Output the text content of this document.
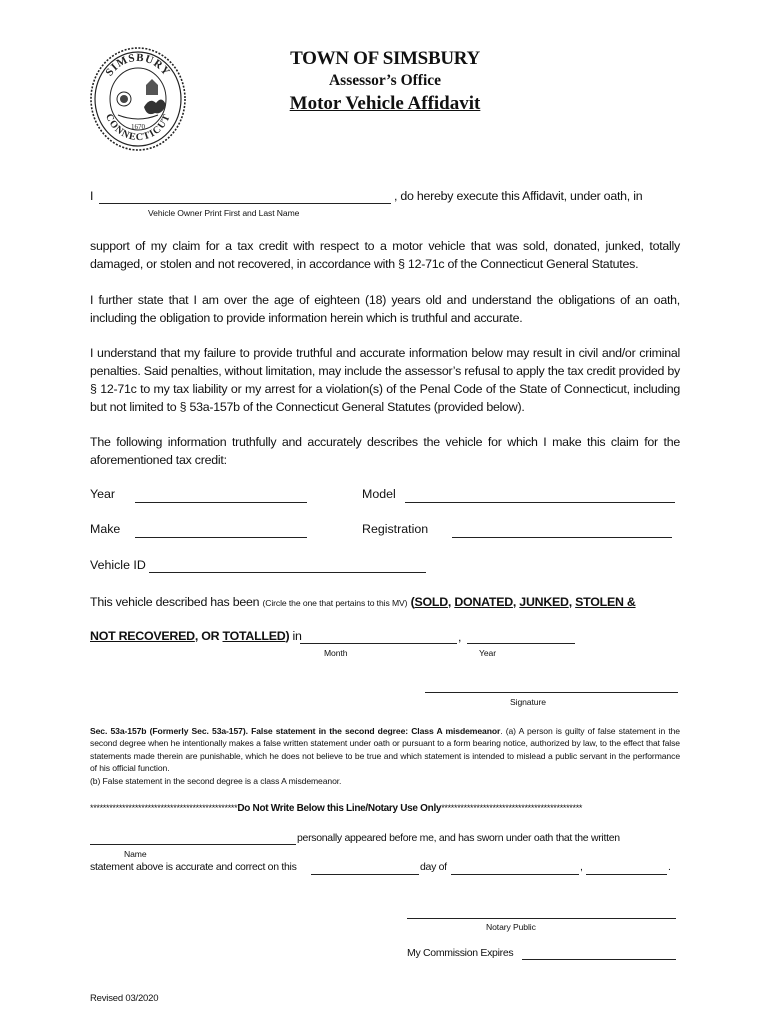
SIMSBURY
CONNECTICUT
1670
TOWN OF SIMSBURY
Assessor’s Office
Motor Vehicle Affidavit
I	, do hereby execute this Affidavit, under oath, in
Vehicle Owner Print First and Last Name
support of my claim for a tax credit with respect to a motor vehicle that was sold, donated, junked, totally damaged, or stolen and not recovered, in accordance with § 12-71c of the Connecticut General Statutes.
I further state that I am over the age of eighteen (18) years old and understand the obligations of an oath, including the obligation to provide information herein which is truthful and accurate.
I understand that my failure to provide truthful and accurate information below may result in civil and/or criminal penalties. Said penalties, without limitation, may include the assessor’s refusal to apply the tax credit provided by § 12-71c to my tax liability or my arrest for a violation(s) of the Penal Code of the State of Connecticut, including but not limited to § 53a-157b of the Connecticut General Statutes (provided below).
The following information truthfully and accurately describes the vehicle for which I make this claim for the aforementioned tax credit:
Year	Model
Make	Registration
Vehicle ID
This vehicle described has been (Circle the one that pertains to this MV) (SOLD, DONATED, JUNKED, STOLEN &
NOT RECOVERED, OR TOTALLED) in	,
Month	Year
Signature
Sec. 53a-157b (Formerly Sec. 53a-157). False statement in the second degree: Class A misdemeanor. (a) A person is guilty of false statement in the second degree when he intentionally makes a false written statement under oath or pursuant to a form bearing notice, authorized by law, to the effect that false statements made therein are punishable, which he does not believe to be true and which statement is intended to mislead a public servant in the performance of his official function.
(b) False statement in the second degree is a class A misdemeanor.
**********************************************Do Not Write Below this Line/Notary Use Only********************************************
personally appeared before me, and has sworn under oath that the written
Name
statement above is accurate and correct on this	day of	,	.
Notary Public
My Commission Expires
Revised 03/2020
